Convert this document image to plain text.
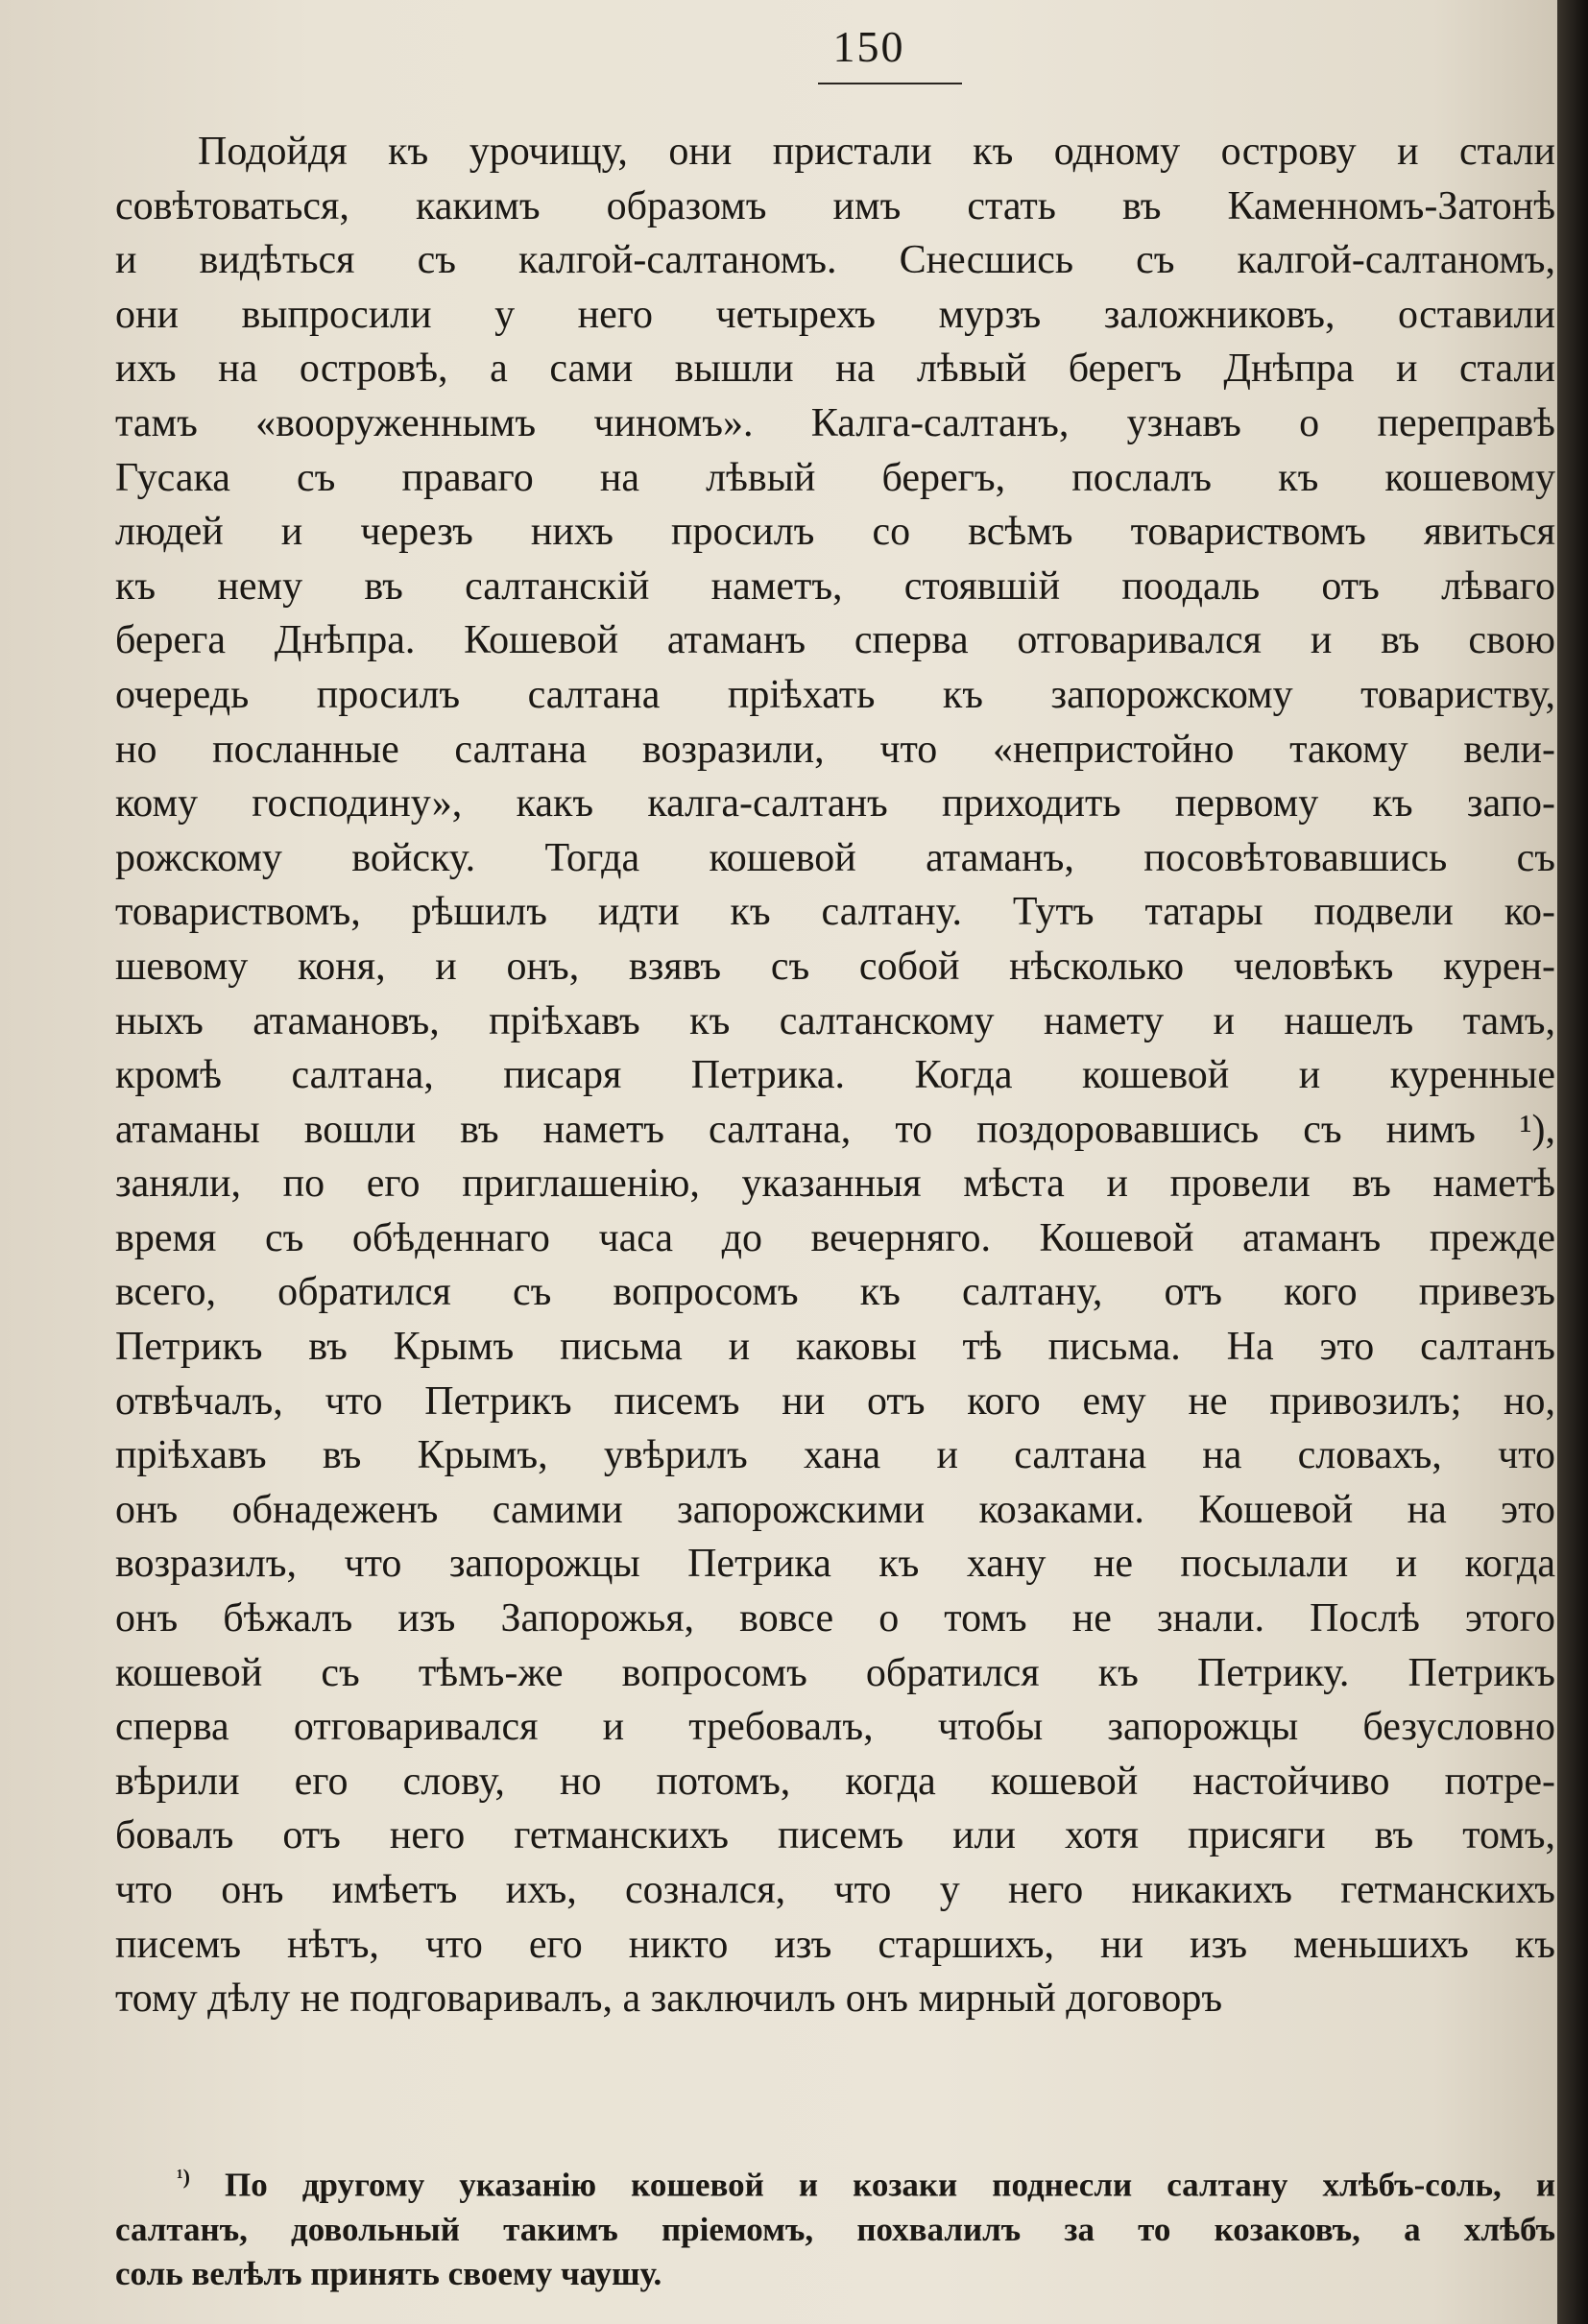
150
Подойдя къ урочищу, они пристали къ одному острову и стали
совѣтоваться, какимъ образомъ имъ стать въ Каменномъ-Затонѣ
и видѣться съ калгой-салтаномъ. Снесшись съ калгой-салтаномъ,
они выпросили у него четырехъ мурзъ заложниковъ, оставили
ихъ на островѣ, а сами вышли на лѣвый берегъ Днѣпра и стали
тамъ «вооруженнымъ чиномъ». Калга-салтанъ, узнавъ о переправѣ
Гусака съ праваго на лѣвый берегъ, послалъ къ кошевому
людей и черезъ нихъ просилъ со всѣмъ товариствомъ явиться
къ нему въ салтанскій наметъ, стоявшій поодаль отъ лѣваго
берега Днѣпра. Кошевой атаманъ сперва отговаривался и въ свою
очередь просилъ салтана пріѣхать къ запорожскому товариству,
но посланные салтана возразили, что «непристойно такому вели-
кому господину», какъ калга-салтанъ приходить первому къ запо-
рожскому войску. Тогда кошевой атаманъ, посовѣтовавшись съ
товариствомъ, рѣшилъ идти къ салтану. Тутъ татары подвели ко-
шевому коня, и онъ, взявъ съ собой нѣсколько человѣкъ курен-
ныхъ атамановъ, пріѣхавъ къ салтанскому намету и нашелъ тамъ,
кромѣ салтана, писаря Петрика. Когда кошевой и куренные
атаманы вошли въ наметъ салтана, то поздоровавшись съ нимъ ¹),
заняли, по его приглашенію, указанныя мѣста и провели въ наметѣ
время съ обѣденнаго часа до вечерняго. Кошевой атаманъ прежде
всего, обратился съ вопросомъ къ салтану, отъ кого привезъ
Петрикъ въ Крымъ письма и каковы тѣ письма. На это салтанъ
отвѣчалъ, что Петрикъ писемъ ни отъ кого ему не привозилъ; но,
пріѣхавъ въ Крымъ, увѣрилъ хана и салтана на словахъ, что
онъ обнадеженъ самими запорожскими козаками. Кошевой на это
возразилъ, что запорожцы Петрика къ хану не посылали и когда
онъ бѣжалъ изъ Запорожья, вовсе о томъ не знали. Послѣ этого
кошевой съ тѣмъ-же вопросомъ обратился къ Петрику. Петрикъ
сперва отговаривался и требовалъ, чтобы запорожцы безусловно
вѣрили его слову, но потомъ, когда кошевой настойчиво потре-
бовалъ отъ него гетманскихъ писемъ или хотя присяги въ томъ,
что онъ имѣетъ ихъ, сознался, что у него никакихъ гетманскихъ
писемъ нѣтъ, что его никто изъ старшихъ, ни изъ меньшихъ къ
тому дѣлу не подговаривалъ, а заключилъ онъ мирный договоръ
$^{^1)}$ По другому указанію кошевой и козаки поднесли салтану хлѣбъ-соль, и
салтанъ, довольный такимъ пріемомъ, похвалилъ за то козаковъ, а хлѣбъ
соль велѣлъ принять своему чаушу.
